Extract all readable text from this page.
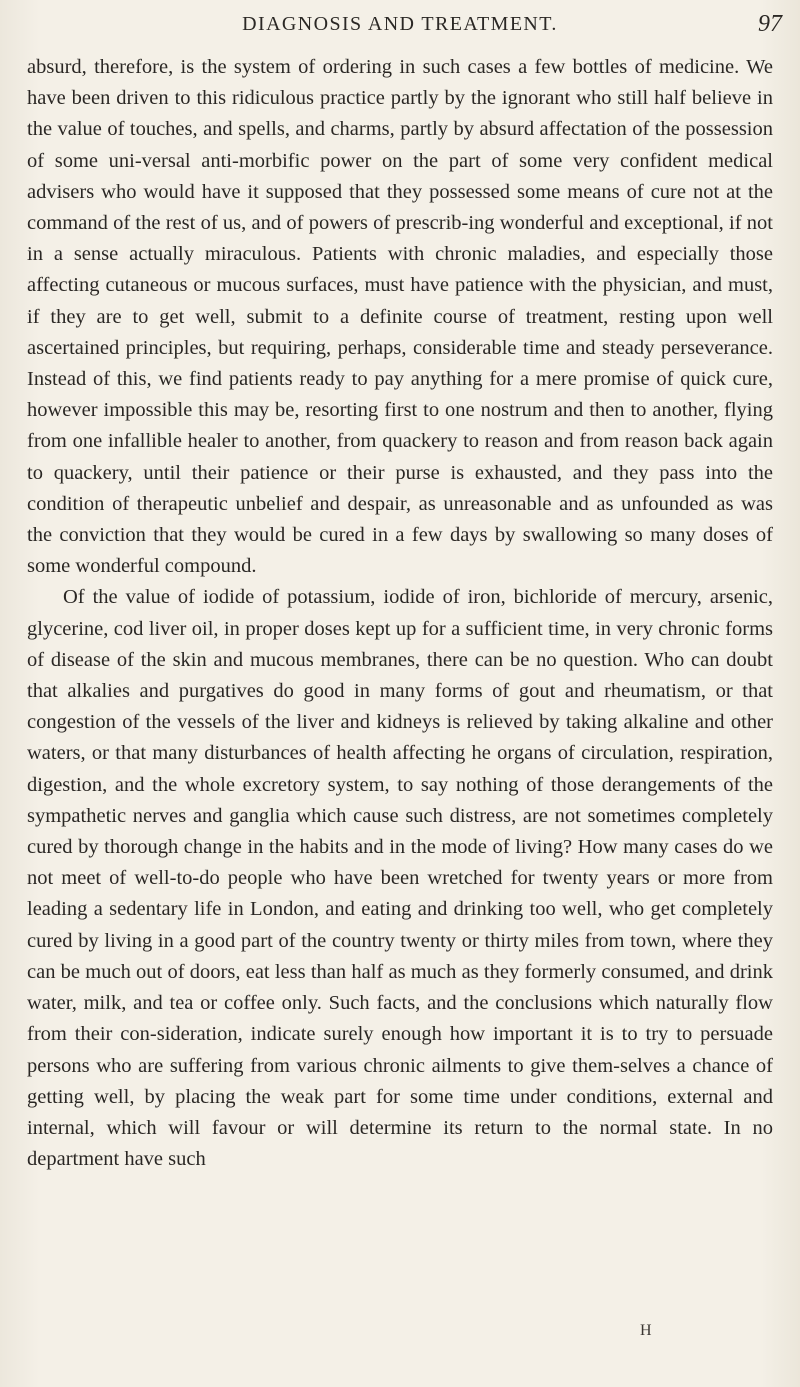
DIAGNOSIS AND TREATMENT.	97

absurd, therefore, is the system of ordering in such cases a few bottles of medicine. We have been driven to this ridiculous practice partly by the ignorant who still half believe in the value of touches, and spells, and charms, partly by absurd affectation of the possession of some uni-versal anti-morbific power on the part of some very confident medical advisers who would have it supposed that they possessed some means of cure not at the command of the rest of us, and of powers of prescrib-ing wonderful and exceptional, if not in a sense actually miraculous. Patients with chronic maladies, and especially those affecting cutaneous or mucous surfaces, must have patience with the physician, and must, if they are to get well, submit to a definite course of treatment, resting upon well ascertained principles, but requiring, perhaps, considerable time and steady perseverance. Instead of this, we find patients ready to pay anything for a mere promise of quick cure, however impossible this may be, resorting first to one nostrum and then to another, flying from one infallible healer to another, from quackery to reason and from reason back again to quackery, until their patience or their purse is exhausted, and they pass into the condition of therapeutic unbelief and despair, as unreasonable and as unfounded as was the conviction that they would be cured in a few days by swallowing so many doses of some wonderful compound.

Of the value of iodide of potassium, iodide of iron, bichloride of mercury, arsenic, glycerine, cod liver oil, in proper doses kept up for a sufficient time, in very chronic forms of disease of the skin and mucous membranes, there can be no question. Who can doubt that alkalies and purgatives do good in many forms of gout and rheumatism, or that congestion of the vessels of the liver and kidneys is relieved by taking alkaline and other waters, or that many disturbances of health affecting he organs of circulation, respiration, digestion, and the whole excretory system, to say nothing of those derangements of the sympathetic nerves and ganglia which cause such distress, are not sometimes completely cured by thorough change in the habits and in the mode of living? How many cases do we not meet of well-to-do people who have been wretched for twenty years or more from leading a sedentary life in London, and eating and drinking too well, who get completely cured by living in a good part of the country twenty or thirty miles from town, where they can be much out of doors, eat less than half as much as they formerly consumed, and drink water, milk, and tea or coffee only. Such facts, and the conclusions which naturally flow from their con-sideration, indicate surely enough how important it is to try to persuade persons who are suffering from various chronic ailments to give them-selves a chance of getting well, by placing the weak part for some time under conditions, external and internal, which will favour or will determine its return to the normal state. In no department have such

H
